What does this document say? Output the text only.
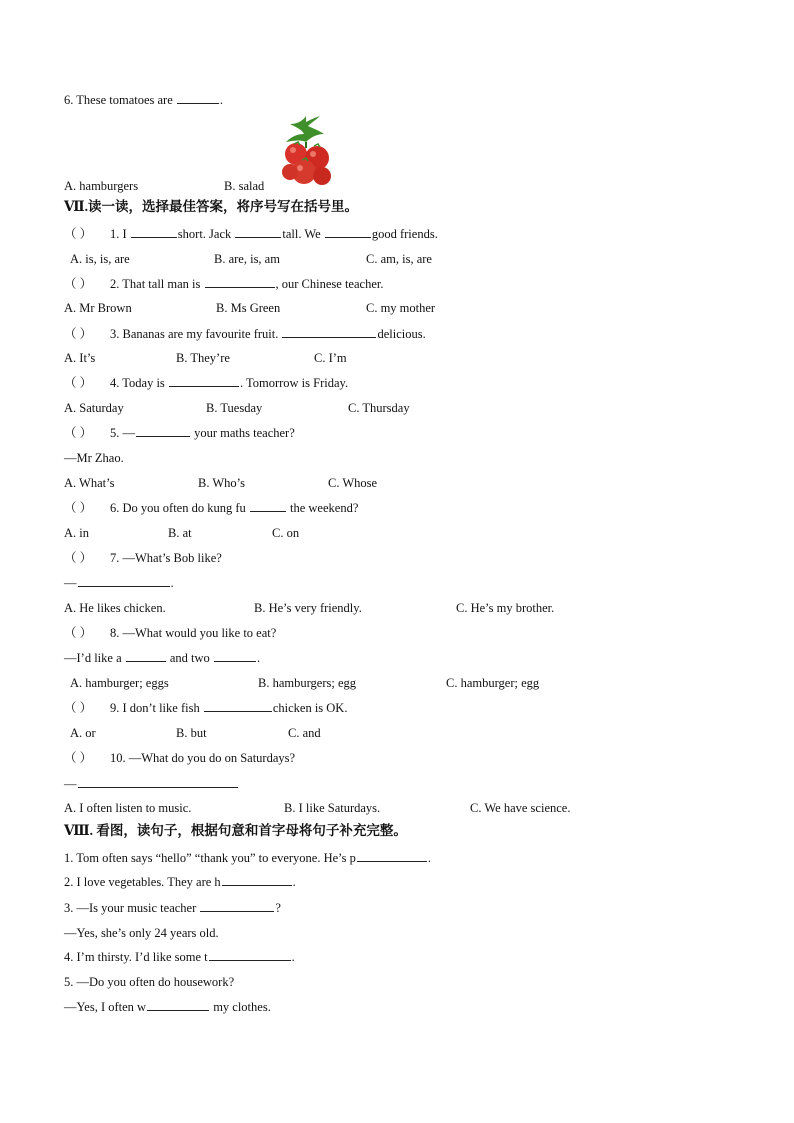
6. These tomatoes are	.
A. hamburgers	B. salad
Ⅶ.读一读，选择最佳答案，将序号写在括号里。
（ ） 1. I	short. Jack	tall. We	good friends.
A. is, is, are	B. are, is, am	C. am, is, are
（ ） 2. That tall man is	, our Chinese teacher.
A. Mr Brown	B. Ms Green	C. my mother
（ ） 3. Bananas are my favourite fruit.	delicious.
A. It’s	B. They’re	C. I’m
（ ） 4. Today is	. Tomorrow is Friday.
A. Saturday	B. Tuesday	C. Thursday
（ ） 5. —	your maths teacher?
—Mr Zhao.
A. What’s	B. Who’s	C. Whose
（ ） 6. Do you often do kung fu	the weekend?
A. in	B. at	C. on
（ ） 7. —What’s Bob like?
—	.
A. He likes chicken.	B. He’s very friendly.	C. He’s my brother.
（ ） 8. —What would you like to eat?
—I’d like a	and two	.
A. hamburger; eggs	B. hamburgers; egg	C. hamburger; egg
（ ） 9. I don’t like fish	chicken is OK.
A. or	B. but	C. and
（ ） 10. —What do you do on Saturdays?
—
A. I often listen to music.	B. I like Saturdays.	C. We have science.
Ⅷ. 看图，读句子，根据句意和首字母将句子补充完整。
1. Tom often says “hello” “thank you” to everyone. He’s p	.
2. I love vegetables. They are h	.
3. —Is your music teacher	?
—Yes, she’s only 24 years old.
4. I’m thirsty. I’d like some t	.
5. —Do you often do housework?
—Yes, I often w	my clothes.
